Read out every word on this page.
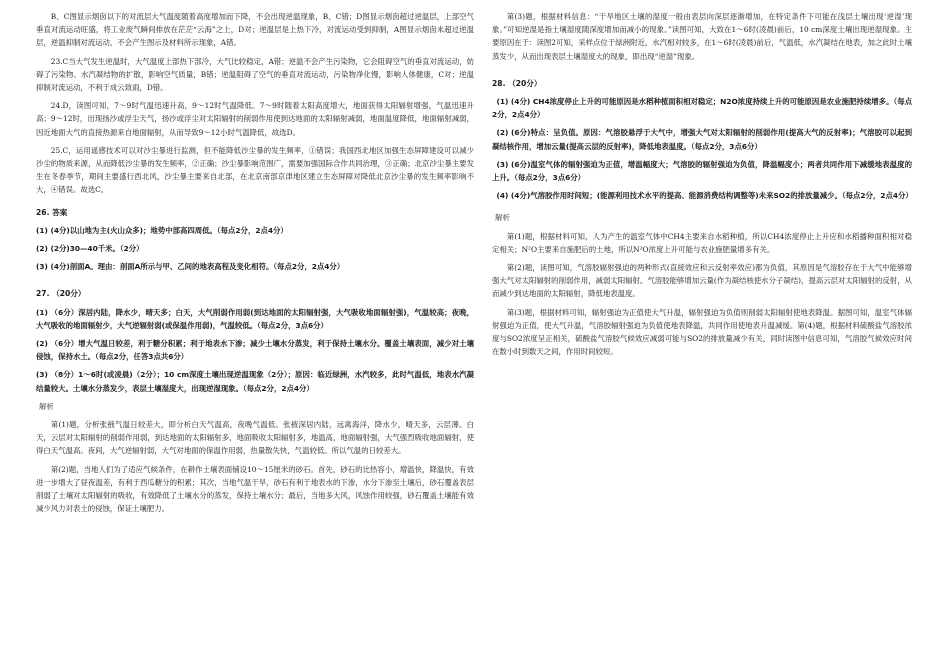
B、C图显示烟囱以下的对流层大气温度随着高度增加而下降，不会出现逆温现象，B、C错；D图显示烟囱超过逆温层，上部空气垂直对流运动旺盛，将工业废气瞬间排放在茫茫“云海”之上，D对；逆温层是上热下冷，对流运动受到抑制，A图显示烟囱未超过逆温层，逆温抑制对流运动，不会产生图示及材料所示现象，A错。

23.C当大气发生逆温时，大气温度上部热下部冷，大气比较稳定，A错；逆温不会产生污染物，它会阻碍空气的垂直对流运动，妨碍了污染物、水汽凝结物的扩散，影响空气质量，B错；逆温阻碍了空气的垂直对流运动，污染物净化慢，影响人体健康，C对；逆温抑制对流运动，不利于成云致雨，D错。

24.D，读图可知，7～9时气温迅速升高，9～12时气温降低。7～9时随着太阳高度增大，地面获得太阳辐射增强，气温迅速升高；9～12时，出现扬沙或浮尘天气，扬沙或浮尘对太阳辐射的削弱作用使到达地面的太阳辐射减弱，地面温度降低，地面辐射减弱，因近地面大气的直接热源来自地面辐射，从而导致9～12小时气温降低，故选D。

25.C，运用遥感技术可以对沙尘暴进行监测，但不能降低沙尘暴的发生频率，①错误；我国西北地区加强生态屏障建设可以减少沙尘的物质来源，从而降低沙尘暴的发生频率，②正确；沙尘暴影响范围广，需要加强国际合作共同治理，③正确；北京沙尘暴主要发生在冬春季节，期间主要盛行西北风，沙尘暴主要来自北部，在北京南部京津地区建立生态屏障对降低北京沙尘暴的发生频率影响不大，④错误。故选C。

26. 答案

(1) (4分)以山地为主(火山众多)；地势中部高四周低。（每点2分，2点4分）

(2) (2分)30—40千米。（2分）

(3) (4分)剖面A。理由：剖面A所示与甲、乙间的地表高程及变化相符。（每点2分，2点4分）

27. （20分）

(1) （6分）深居内陆，降水少，晴天多；白天，大气削弱作用弱(到达地面的太阳辐射强，大气吸收地面辐射强)，气温较高；夜晚，大气吸收的地面辐射少，大气逆辐射弱(或保温作用弱)，气温较低。（每点2分，3点6分）

(2) （6分）增大气温日较差，利于糖分积累；利于地表水下渗；减少土壤水分蒸发，利于保持土壤水分。覆盖土壤表面，减少对土壤侵蚀，保持水土。（每点2分，任答3点共6分）

(3) （8分）1～6时(或凌晨)（2分）；10 cm深度土壤出现逆温现象（2分）；原因：临近绿洲，水汽较多，此时气温低，地表水汽凝结量较大。土壤水分蒸发少，表层土壤湿度大，出现逆湿现象。（每点2分，2点4分）

解析

第(1)题，分析张掖气温日较差大，即分析白天气温高，夜晚气温低。张掖深居内陆，远离海洋，降水少，晴天多，云层薄。白天，云层对太阳辐射的削弱作用弱，到达地面的太阳辐射多，地面吸收太阳辐射多，地温高，地面辐射强，大气强烈吸收地面辐射，使得白天气温高。夜间，大气逆辐射弱，大气对地面的保温作用弱，热量散失快，气温较低。所以气温的日较差大。

第(2)题，当地人们为了适应气候条件，在耕作土壤表面铺设10～15厘米的砂石。首先，砂石的比热容小，增温快，降温快，有效进一步增大了昼夜温差，有利于西瓜糖分的积累；其次，当地气温干旱，砂石有利于地表水的下渗，水分下渗至土壤后，砂石覆盖表层削弱了土壤对太阳辐射的吸收，有效降低了土壤水分的蒸发，保持土壤水分；最后，当地多大风，风蚀作用较强，砂石覆盖土壤能有效减少风力对表土的侵蚀，保证土壤肥力。

第(3)题，根据材料信息：“干旱地区土壤的湿度一般由表层向深层逐渐增加，在特定条件下可能在浅层土壤出现‘逆湿’现象。”可知逆湿是指土壤湿度随深度增加而减小的现象。”读图可知，大致在1～6时(凌晨)前后，10 cm深度土壤出现逆湿现象。主要原因在于：读图2可知，采样点位于绿洲附近，水汽相对较多，在1～6时(凌晨)前后，气温低，水汽凝结在地表，加之此时土壤蒸发少，从而出现表层土壤湿度大的现象，即出现“逆湿”现象。

28. （20分）

(1) (4分) CH4浓度停止上升的可能原因是水稻种植面积相对稳定；N2O浓度持续上升的可能原因是农业施肥持续增多。（每点2分，2点4分）

(2) (6分)特点：呈负值。原因：气溶胶悬浮于大气中，增强大气对太阳辐射的削弱作用(提高大气的反射率)；气溶胶可以起到凝结核作用，增加云量(提高云层的反射率)，降低地表温度。（每点2分，3点6分）

(3) (6分)温室气体的辐射强迫为正值，增温幅度大；气溶胶的辐射强迫为负值，降温幅度小；两者共同作用下减缓地表温度的上升。（每点2分，3点6分）

(4) (4分)气溶胶作用时间短；(能源利用技术水平的提高、能源消费结构调整等)未来SO2的排放量减少。（每点2分，2点4分）

解析

第(1)题，根据材料可知，人为产生的温室气体中CH4主要来自水稻种植，所以CH4浓度停止上升应和水稻播种面积相对稳定相关；N²O主要来自施肥后的土地，所以N²O浓度上升可能与农业施肥量增多有关。

第(2)题，读图可知，气溶胶辐射强迫的两种形式(直接效应和云反射率效应)都为负值，其原因是气溶胶存在于大气中能够增强大气对太阳辐射的削弱作用，减弱太阳辐射。气溶胶能够增加云量(作为凝结核使水分子凝结)，提高云层对太阳辐射的反射，从而减少到达地面的太阳辐射，降低地表温度。

第(3)题，根据材料可知，辐射强迫为正值使大气升温，辐射强迫为负值则削弱太阳辐射使地表降温。据图可知，温室气体辐射强迫为正值，使大气升温，气溶胶辐射强迫为负值使地表降温，共同作用使地表升温减缓。第(4)题，根据材料硫酸盐气溶胶浓度与SO2浓度呈正相关，硫酸盐气溶胶气候效应减弱可能与SO2的排放量减少有关，同时读图中信息可知，气溶胶气候效应时间在数小时到数天之间，作用时间较短。
